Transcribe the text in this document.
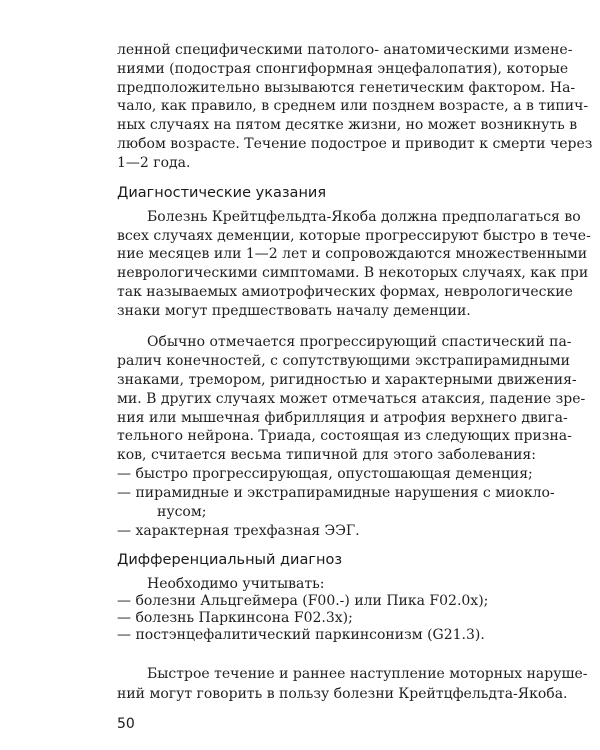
ленной специфическими патолого- анатомическими измене-
ниями (подострая спонгиформная энцефалопатия), которые
предположительно вызываются генетическим фактором. На-
чало, как правило, в среднем или позднем возрасте, а в типич-
ных случаях на пятом десятке жизни, но может возникнуть в
любом возрасте. Течение подострое и приводит к смерти через
1—2 года.
Диагностические указания
Болезнь Крейтцфельдта-Якоба должна предполагаться во
всех случаях деменции, которые прогрессируют быстро в тече-
ние месяцев или 1—2 лет и сопровождаются множественными
неврологическими симптомами. В некоторых случаях, как при
так называемых амиотрофических формах, неврологические
знаки могут предшествовать началу деменции.
Обычно отмечается прогрессирующий спастический па-
ралич конечностей, с сопутствующими экстрапирамидными
знаками, тремором, ригидностью и характерными движения-
ми. В других случаях может отмечаться атаксия, падение зре-
ния или мышечная фибрилляция и атрофия верхнего двига-
тельного нейрона. Триада, состоящая из следующих призна-
ков, считается весьма типичной для этого заболевания:
— быстро прогрессирующая, опустошающая деменция;
— пирамидные и экстрапирамидные нарушения с миокло-
нусом;
— характерная трехфазная ЭЭГ.
Дифференциальный диагноз
Необходимо учитывать:
— болезни Альцгеймера (F00.-) или Пика F02.0x);
— болезнь Паркинсона F02.3x);
— постэнцефалитический паркинсонизм (G21.3).
Быстрое течение и раннее наступление моторных наруше-
ний могут говорить в пользу болезни Крейтцфельдта-Якоба.
50
